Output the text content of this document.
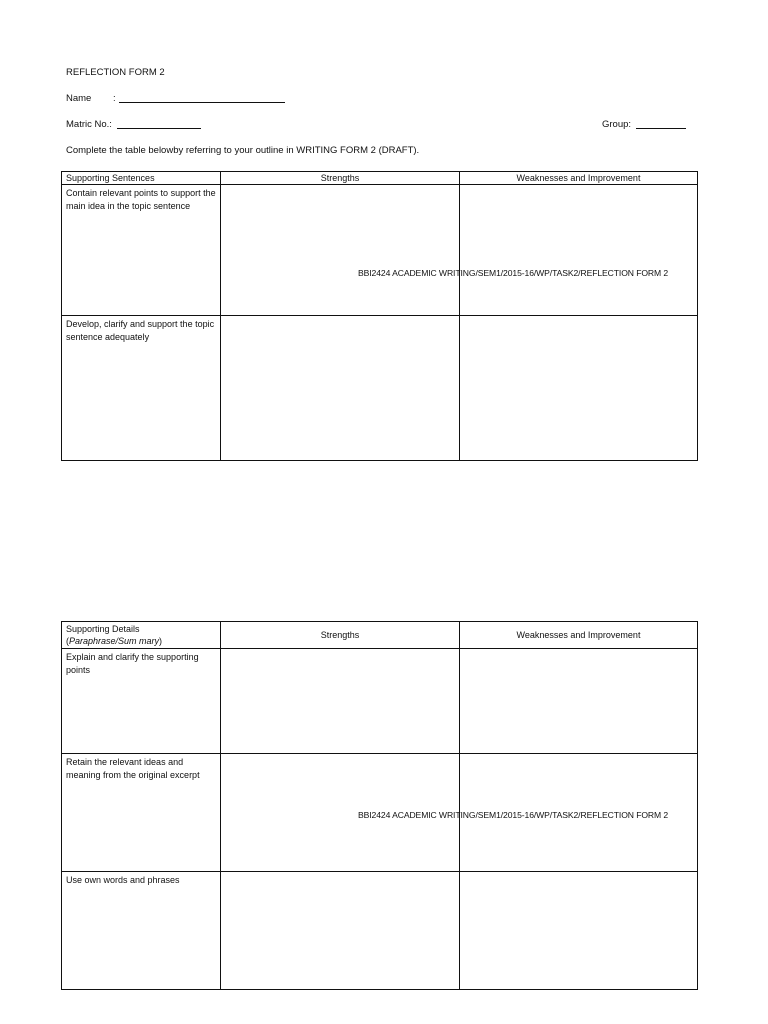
REFLECTION FORM 2
Name :
Matric No.:	Group:
Complete the table belowby referring to your outline in WRITING FORM 2 (DRAFT).
Supporting Sentences	Strengths	Weaknesses and Improvement
Contain relevant points to support the main idea in the topic sentence		
Develop, clarify and support the topic sentence adequately		
BBI2424 ACADEMIC WRITING/SEM1/2015-16/WP/TASK2/REFLECTION FORM 2
Supporting Details
(Paraphrase/Sum mary)	Strengths	Weaknesses and Improvement
Explain and clarify the supporting points		
Retain the relevant ideas and meaning from the original excerpt		
Use own words and phrases		
BBI2424 ACADEMIC WRITING/SEM1/2015-16/WP/TASK2/REFLECTION FORM 2
